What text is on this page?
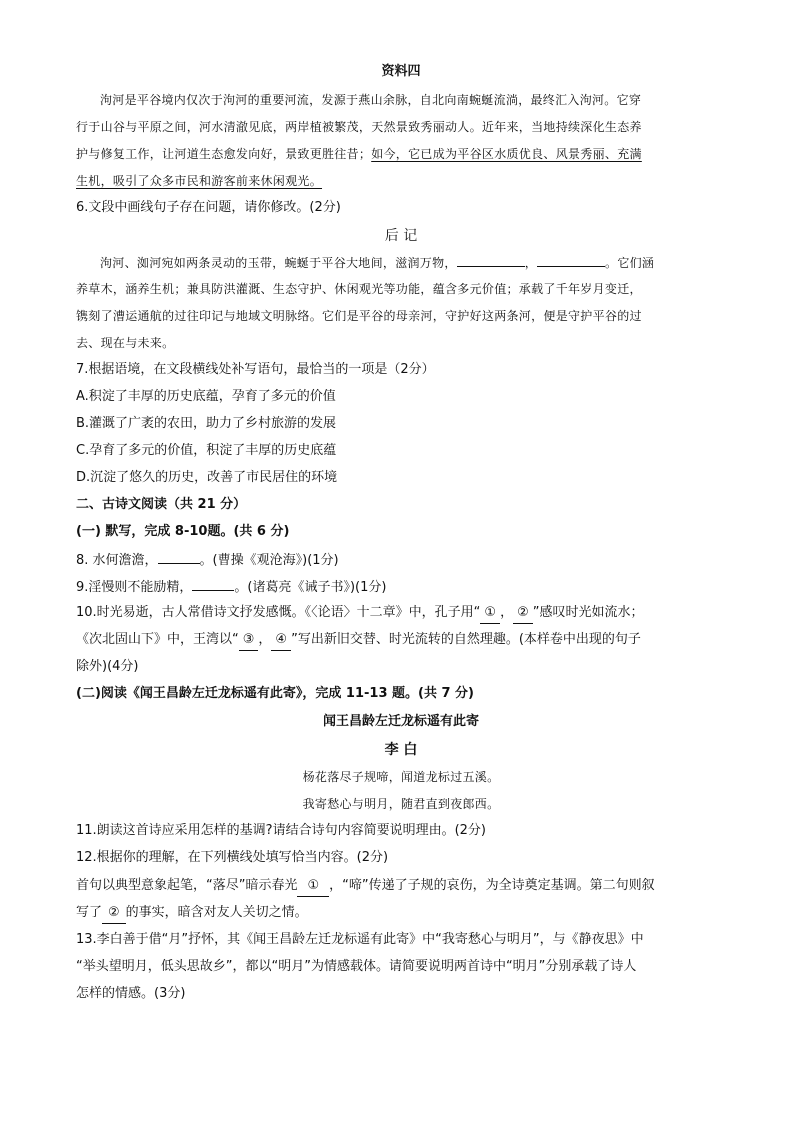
资料四
泃河是平谷境内仅次于泃河的重要河流，发源于燕山余脉，自北向南蜿蜒流淌，最终汇入泃河。它穿
行于山谷与平原之间，河水清澈见底，两岸植被繁茂，天然景致秀丽动人。近年来，当地持续深化生态养
护与修复工作，让河道生态愈发向好，景致更胜往昔；如今，它已成为平谷区水质优良、风景秀丽、充满
生机，吸引了众多市民和游客前来休闲观光。
6.文段中画线句子存在问题，请你修改。(2分)
后 记
泃河、洳河宛如两条灵动的玉带，蜿蜒于平谷大地间，滋润万物，	，	。它们涵
养草木，涵养生机；兼具防洪灌溉、生态守护、休闲观光等功能，蕴含多元价值；承载了千年岁月变迁，
镌刻了漕运通航的过往印记与地域文明脉络。它们是平谷的母亲河，守护好这两条河，便是守护平谷的过
去、现在与未来。
7.根据语境，在文段横线处补写语句，最恰当的一项是（2分）
A.积淀了丰厚的历史底蕴，孕育了多元的价值
B.灌溉了广袤的农田，助力了乡村旅游的发展
C.孕育了多元的价值，积淀了丰厚的历史底蕴
D.沉淀了悠久的历史，改善了市民居住的环境
二、古诗文阅读（共 21 分）
(一) 默写，完成 8-10题。(共 6 分)
8. 水何澹澹，	。(曹操《观沧海》)(1分)
9.淫慢则不能励精，	。(诸葛亮《诫子书》)(1分)
10.时光易逝，古人常借诗文抒发感慨。《〈论语〉十二章》中，孔子用“ ① ， ② ”感叹时光如流水；
《次北固山下》中，王湾以“ ③ ， ④ ”写出新旧交替、时光流转的自然理趣。(本样卷中出现的句子
除外)(4分)
(二)阅读《闻王昌龄左迁龙标遥有此寄》，完成 11-13 题。(共 7 分)
闻王昌龄左迁龙标遥有此寄
李 白
杨花落尽子规啼，闻道龙标过五溪。
我寄愁心与明月，随君直到夜郎西。
11.朗读这首诗应采用怎样的基调?请结合诗句内容简要说明理由。(2分)
12.根据你的理解，在下列横线处填写恰当内容。(2分)
首句以典型意象起笔，“落尽”暗示春光 ① ，“啼”传递了子规的哀伤，为全诗奠定基调。第二句则叙
写了 ② 的事实，暗含对友人关切之情。
13.李白善于借“月”抒怀，其《闻王昌龄左迁龙标遥有此寄》中“我寄愁心与明月”，与《静夜思》中
“举头望明月，低头思故乡”，都以“明月”为情感载体。请简要说明两首诗中“明月”分别承载了诗人
怎样的情感。(3分)
